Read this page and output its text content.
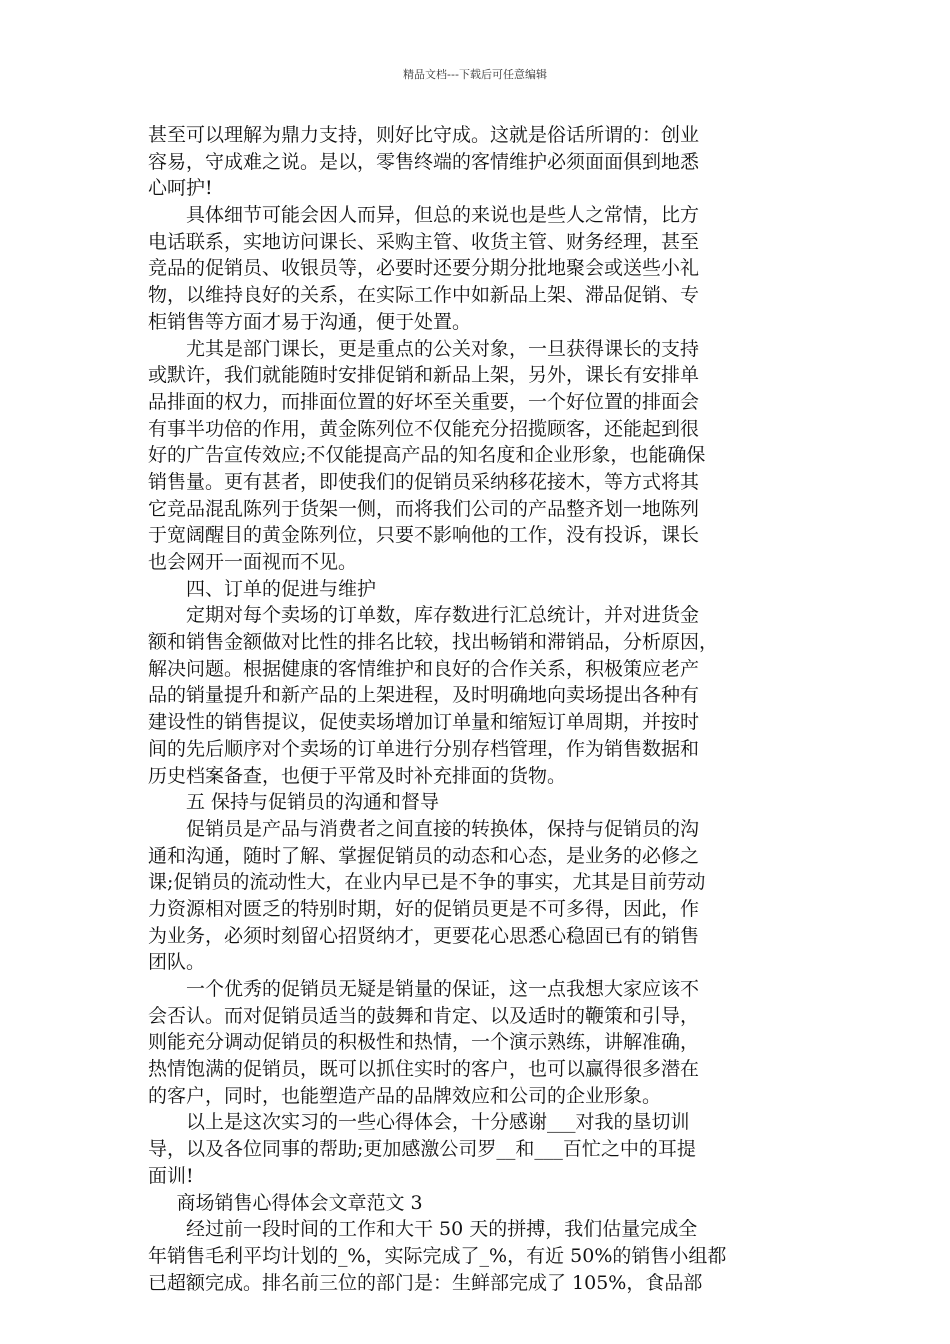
精品文档---下载后可任意编辑
甚至可以理解为鼎力支持，则好比守成。这就是俗话所谓的：创业
容易，守成难之说。是以，零售终端的客情维护必须面面俱到地悉
心呵护!
具体细节可能会因人而异，但总的来说也是些人之常情，比方
电话联系，实地访问课长、采购主管、收货主管、财务经理，甚至
竞品的促销员、收银员等，必要时还要分期分批地聚会或送些小礼
物，以维持良好的关系，在实际工作中如新品上架、滞品促销、专
柜销售等方面才易于沟通，便于处置。
尤其是部门课长，更是重点的公关对象，一旦获得课长的支持
或默许，我们就能随时安排促销和新品上架，另外，课长有安排单
品排面的权力，而排面位置的好坏至关重要，一个好位置的排面会
有事半功倍的作用，黄金陈列位不仅能充分招揽顾客，还能起到很
好的广告宣传效应;不仅能提高产品的知名度和企业形象，也能确保
销售量。更有甚者，即使我们的促销员采纳移花接木，等方式将其
它竞品混乱陈列于货架一侧，而将我们公司的产品整齐划一地陈列
于宽阔醒目的黄金陈列位，只要不影响他的工作，没有投诉，课长
也会网开一面视而不见。
四、订单的促进与维护
定期对每个卖场的订单数，库存数进行汇总统计，并对进货金
额和销售金额做对比性的排名比较，找出畅销和滞销品，分析原因，
解决问题。根据健康的客情维护和良好的合作关系，积极策应老产
品的销量提升和新产品的上架进程，及时明确地向卖场提出各种有
建设性的销售提议，促使卖场增加订单量和缩短订单周期，并按时
间的先后顺序对个卖场的订单进行分别存档管理，作为销售数据和
历史档案备查，也便于平常及时补充排面的货物。
五 保持与促销员的沟通和督导
促销员是产品与消费者之间直接的转换体，保持与促销员的沟
通和沟通，随时了解、掌握促销员的动态和心态，是业务的必修之
课;促销员的流动性大，在业内早已是不争的事实，尤其是目前劳动
力资源相对匮乏的特别时期，好的促销员更是不可多得，因此，作
为业务，必须时刻留心招贤纳才，更要花心思悉心稳固已有的销售
团队。
一个优秀的促销员无疑是销量的保证，这一点我想大家应该不
会否认。而对促销员适当的鼓舞和肯定、以及适时的鞭策和引导，
则能充分调动促销员的积极性和热情，一个演示熟练，讲解准确，
热情饱满的促销员，既可以抓住实时的客户，也可以赢得很多潜在
的客户，同时，也能塑造产品的品牌效应和公司的企业形象。
以上是这次实习的一些心得体会，十分感谢___对我的垦切训
导，以及各位同事的帮助;更加感激公司罗__和___百忙之中的耳提
面训!
商场销售心得体会文章范文 3
经过前一段时间的工作和大干 50 天的拼搏，我们估量完成全
年销售毛利平均计划的_%，实际完成了_%，有近 50%的销售小组都
已超额完成。排名前三位的部门是：生鲜部完成了 105%，食品部
